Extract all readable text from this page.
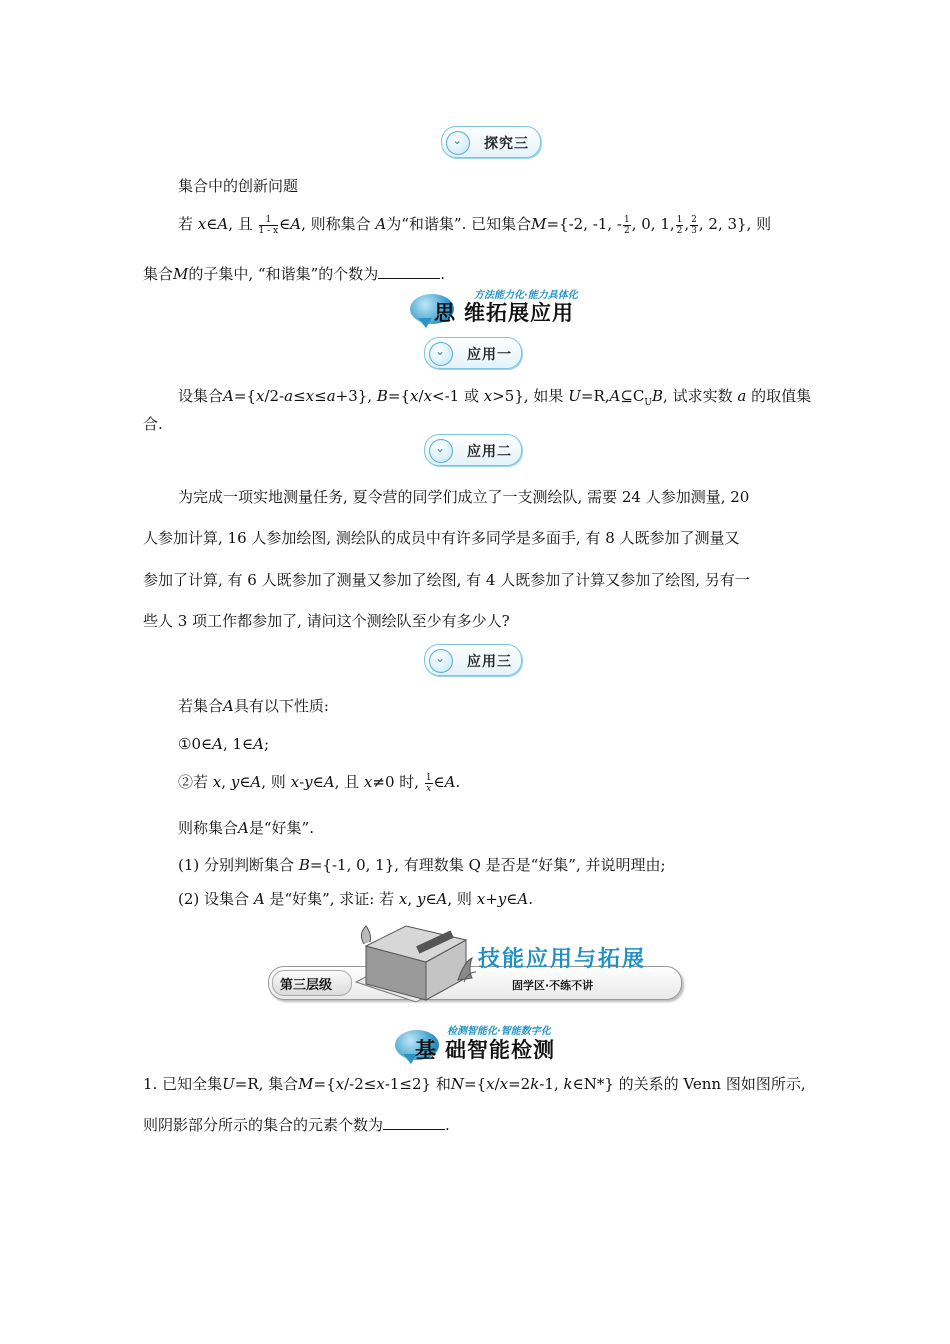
⌄ 探究三
集合中的创新问题
若 x∈A, 且 $\frac{1}{1 - x}$ ∈A, 则称集合 A为“和谐集”. 已知集合M={-2, -1, - $\frac{1}{2}$ , 0, 1, $\frac{1}{2}$ , $\frac{2}{3}$ , 2, 3}, 则
集合M的子集中, “和谐集”的个数为	.
方法能力化·能力具体化
思 维拓展应用
⌄ 应用一
设集合A={x/2-a≤x≤a+3}, B={x/x<-1 或 x>5}, 如果 $U=R,A⊆C_UB$, 试求实数 a 的取值集
合.
⌄ 应用二
为完成一项实地测量任务, 夏令营的同学们成立了一支测绘队, 需要 24 人参加测量, 20
人参加计算, 16 人参加绘图, 测绘队的成员中有许多同学是多面手, 有 8 人既参加了测量又
参加了计算, 有 6 人既参加了测量又参加了绘图, 有 4 人既参加了计算又参加了绘图, 另有一
些人 3 项工作都参加了, 请问这个测绘队至少有多少人?
⌄ 应用三
若集合A具有以下性质:
①0∈A, 1∈A;
②若 x, y∈A, 则 x-y∈A, 且 x≠0 时, $\frac{1}{x}$ ∈A.
则称集合A是“好集”.
(1) 分别判断集合 B={-1, 0, 1}, 有理数集 Q 是否是“好集”, 并说明理由;
(2) 设集合 A 是“好集”, 求证: 若 x, y∈A, 则 x+y∈A.
第三层级
技能应用与拓展
固学区·不练不讲
检测智能化·智能数字化
基 础智能检测
1. 已知全集U=R, 集合M={x/-2≤x-1≤2} 和N={x/x=2k-1, k∈N*} 的关系的 Venn 图如图所示,
则阴影部分所示的集合的元素个数为	.
